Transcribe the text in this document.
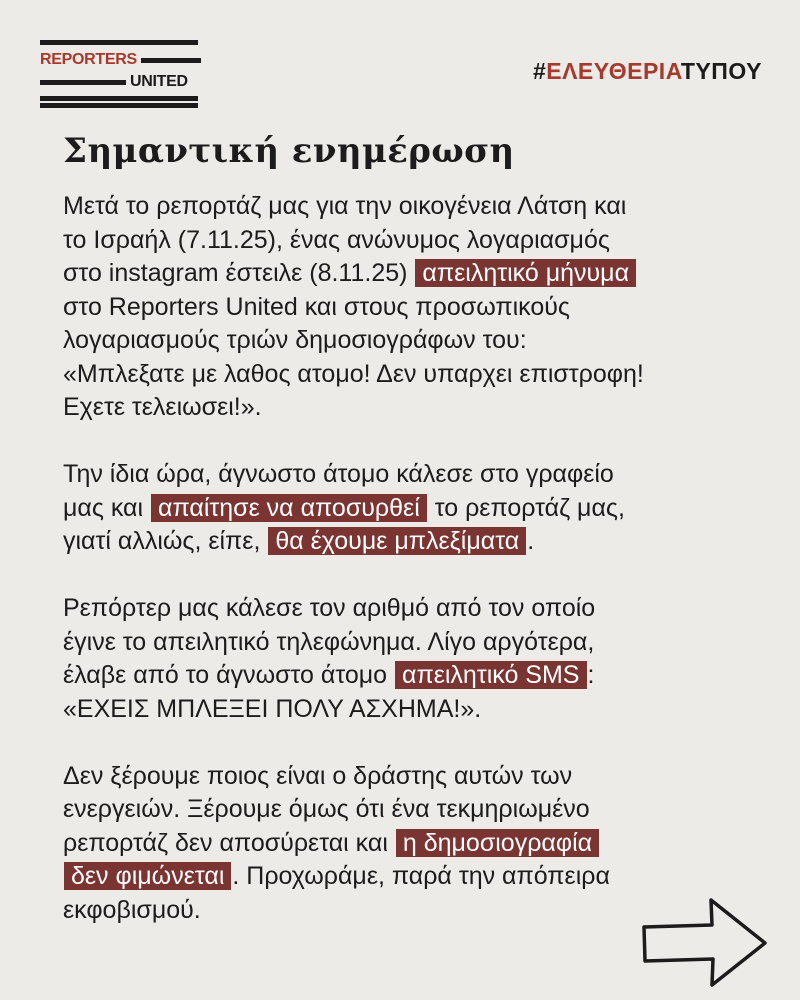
REPORTERS
UNITED	#ΕΛΕΥΘΕΡΙΑΤΥΠΟΥ
Σημαντική ενημέρωση

Μετά το ρεπορτάζ μας για την οικογένεια Λάτση και
το Ισραήλ (7.11.25), ένας ανώνυμος λογαριασμός
στο instagram έστειλε (8.11.25) απειλητικό μήνυμα
στο Reporters United και στους προσωπικούς
λογαριασμούς τριών δημοσιογράφων του:
«Μπλεξατε με λαθος ατομο! Δεν υπαρχει επιστροφη!
Εχετε τελειωσει!».

Την ίδια ώρα, άγνωστο άτομο κάλεσε στο γραφείο
μας και απαίτησε να αποσυρθεί το ρεπορτάζ μας,
γιατί αλλιώς, είπε, θα έχουμε μπλεξίματα .

Ρεπόρτερ μας κάλεσε τον αριθμό από τον οποίο
έγινε το απειλητικό τηλεφώνημα. Λίγο αργότερα,
έλαβε από το άγνωστο άτομο απειλητικό SMS :
«ΕΧΕΙΣ ΜΠΛΕΞΕΙ ΠΟΛΥ ΑΣΧΗΜΑ!».

Δεν ξέρουμε ποιος είναι ο δράστης αυτών των
ενεργειών. Ξέρουμε όμως ότι ένα τεκμηριωμένο
ρεπορτάζ δεν αποσύρεται και η δημοσιογραφία
δεν φιμώνεται . Προχωράμε, παρά την απόπειρα
εκφοβισμού.
